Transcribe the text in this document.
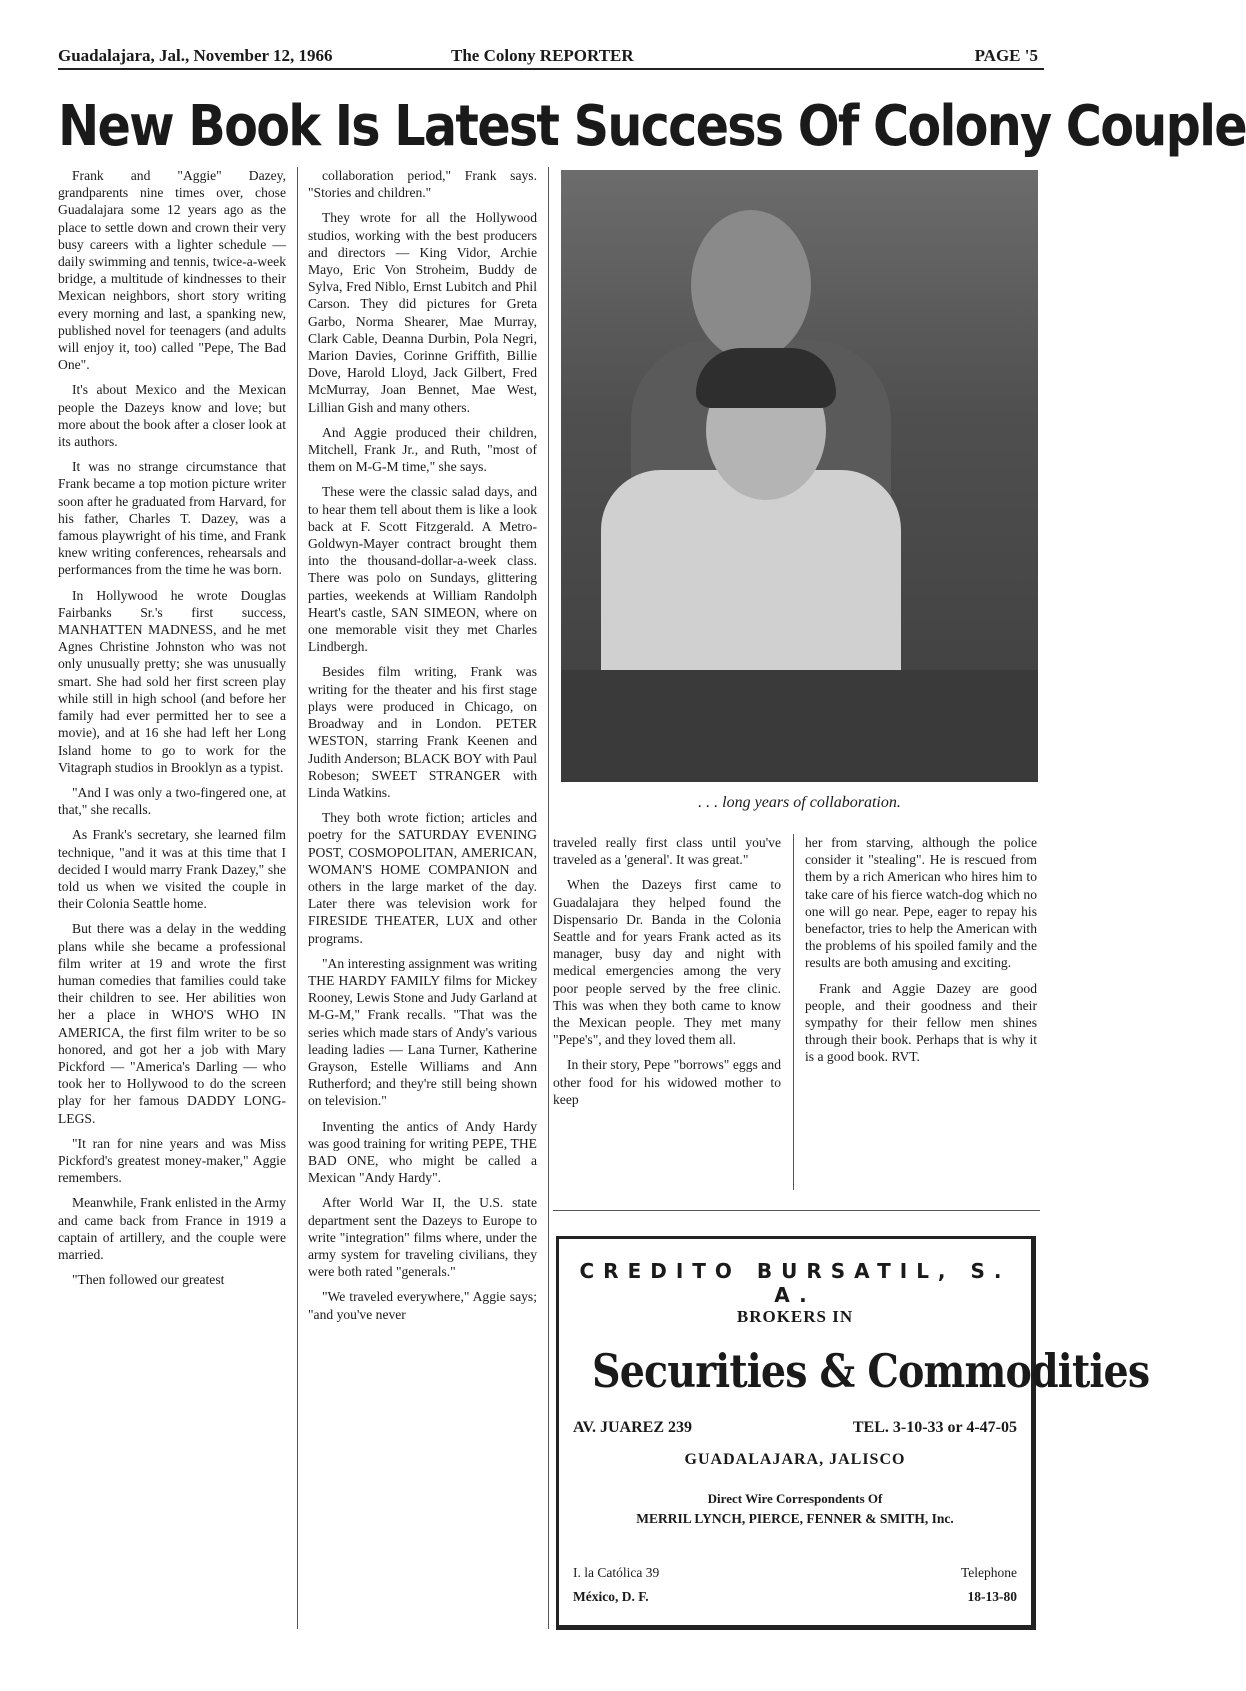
Guadalajara, Jal., November 12, 1966	The Colony REPORTER	PAGE '5
New Book Is Latest Success Of Colony Couple

Frank and "Aggie" Dazey, grandparents nine times over, chose Guadalajara some 12 years ago as the place to settle down and crown their very busy careers with a lighter schedule —daily swimming and tennis, twice-a-week bridge, a multitude of kindnesses to their Mexican neighbors, short story writing every morning and last, a spanking new, published novel for teenagers (and adults will enjoy it, too) called "Pepe, The Bad One".

It's about Mexico and the Mexican people the Dazeys know and love; but more about the book after a closer look at its authors.

It was no strange circumstance that Frank became a top motion picture writer soon after he graduated from Harvard, for his father, Charles T. Dazey, was a famous playwright of his time, and Frank knew writing conferences, rehearsals and performances from the time he was born.

In Hollywood he wrote Douglas Fairbanks Sr.'s first success, MANHATTEN MADNESS, and he met Agnes Christine Johnston who was not only unusually pretty; she was unusually smart. She had sold her first screen play while still in high school (and before her family had ever permitted her to see a movie), and at 16 she had left her Long Island home to go to work for the Vitagraph studios in Brooklyn as a typist.

"And I was only a two-fingered one, at that," she recalls.

As Frank's secretary, she learned film technique, "and it was at this time that I decided I would marry Frank Dazey," she told us when we visited the couple in their Colonia Seattle home.

But there was a delay in the wedding plans while she became a professional film writer at 19 and wrote the first human comedies that families could take their children to see. Her abilities won her a place in WHO'S WHO IN AMERICA, the first film writer to be so honored, and got her a job with Mary Pickford — "America's Darling — who took her to Hollywood to do the screen play for her famous DADDY LONG-LEGS.

"It ran for nine years and was Miss Pickford's greatest money-maker," Aggie remembers.

Meanwhile, Frank enlisted in the Army and came back from France in 1919 a captain of artillery, and the couple were married.

"Then followed our greatest

collaboration period," Frank says. "Stories and children."

They wrote for all the Hollywood studios, working with the best producers and directors — King Vidor, Archie Mayo, Eric Von Stroheim, Buddy de Sylva, Fred Niblo, Ernst Lubitch and Phil Carson. They did pictures for Greta Garbo, Norma Shearer, Mae Murray, Clark Cable, Deanna Durbin, Pola Negri, Marion Davies, Corinne Griffith, Billie Dove, Harold Lloyd, Jack Gilbert, Fred McMurray, Joan Bennet, Mae West, Lillian Gish and many others.

And Aggie produced their children, Mitchell, Frank Jr., and Ruth, "most of them on M-G-M time," she says.

These were the classic salad days, and to hear them tell about them is like a look back at F. Scott Fitzgerald. A Metro-Goldwyn-Mayer contract brought them into the thousand-dollar-a-week class. There was polo on Sundays, glittering parties, weekends at William Randolph Heart's castle, SAN SIMEON, where on one memorable visit they met Charles Lindbergh.

Besides film writing, Frank was writing for the theater and his first stage plays were produced in Chicago, on Broadway and in London. PETER WESTON, starring Frank Keenen and Judith Anderson; BLACK BOY with Paul Robeson; SWEET STRANGER with Linda Watkins.

They both wrote fiction; articles and poetry for the SATURDAY EVENING POST, COSMOPOLITAN, AMERICAN, WOMAN'S HOME COMPANION and others in the large market of the day. Later there was television work for FIRESIDE THEATER, LUX and other programs.

"An interesting assignment was writing THE HARDY FAMILY films for Mickey Rooney, Lewis Stone and Judy Garland at M-G-M," Frank recalls. "That was the series which made stars of Andy's various leading ladies — Lana Turner, Katherine Grayson, Estelle Williams and Ann Rutherford; and they're still being shown on television."

Inventing the antics of Andy Hardy was good training for writing PEPE, THE BAD ONE, who might be called a Mexican "Andy Hardy".

After World War II, the U.S. state department sent the Dazeys to Europe to write "integration" films where, under the army system for traveling civilians, they were both rated "generals."

"We traveled everywhere," Aggie says; "and you've never

. . . long years of collaboration.

traveled really first class until you've traveled as a 'general'. It was great."

When the Dazeys first came to Guadalajara they helped found the Dispensario Dr. Banda in the Colonia Seattle and for years Frank acted as its manager, busy day and night with medical emergencies among the very poor people served by the free clinic. This was when they both came to know the Mexican people. They met many "Pepe's", and they loved them all.

In their story, Pepe "borrows" eggs and other food for his widowed mother to keep

her from starving, although the police consider it "stealing". He is rescued from them by a rich American who hires him to take care of his fierce watch-dog which no one will go near. Pepe, eager to repay his benefactor, tries to help the American with the problems of his spoiled family and the results are both amusing and exciting.

Frank and Aggie Dazey are good people, and their goodness and their sympathy for their fellow men shines through their book. Perhaps that is why it is a good book. RVT.

CREDITO BURSATIL, S. A.
BROKERS IN
Securities & Commodities
AV. JUAREZ 239	TEL. 3-10-33 or 4-47-05
GUADALAJARA, JALISCO
Direct Wire Correspondents Of
MERRIL LYNCH, PIERCE, FENNER & SMITH, Inc.
I. la Católica 39
México, D. F.
Telephone
18-13-80
